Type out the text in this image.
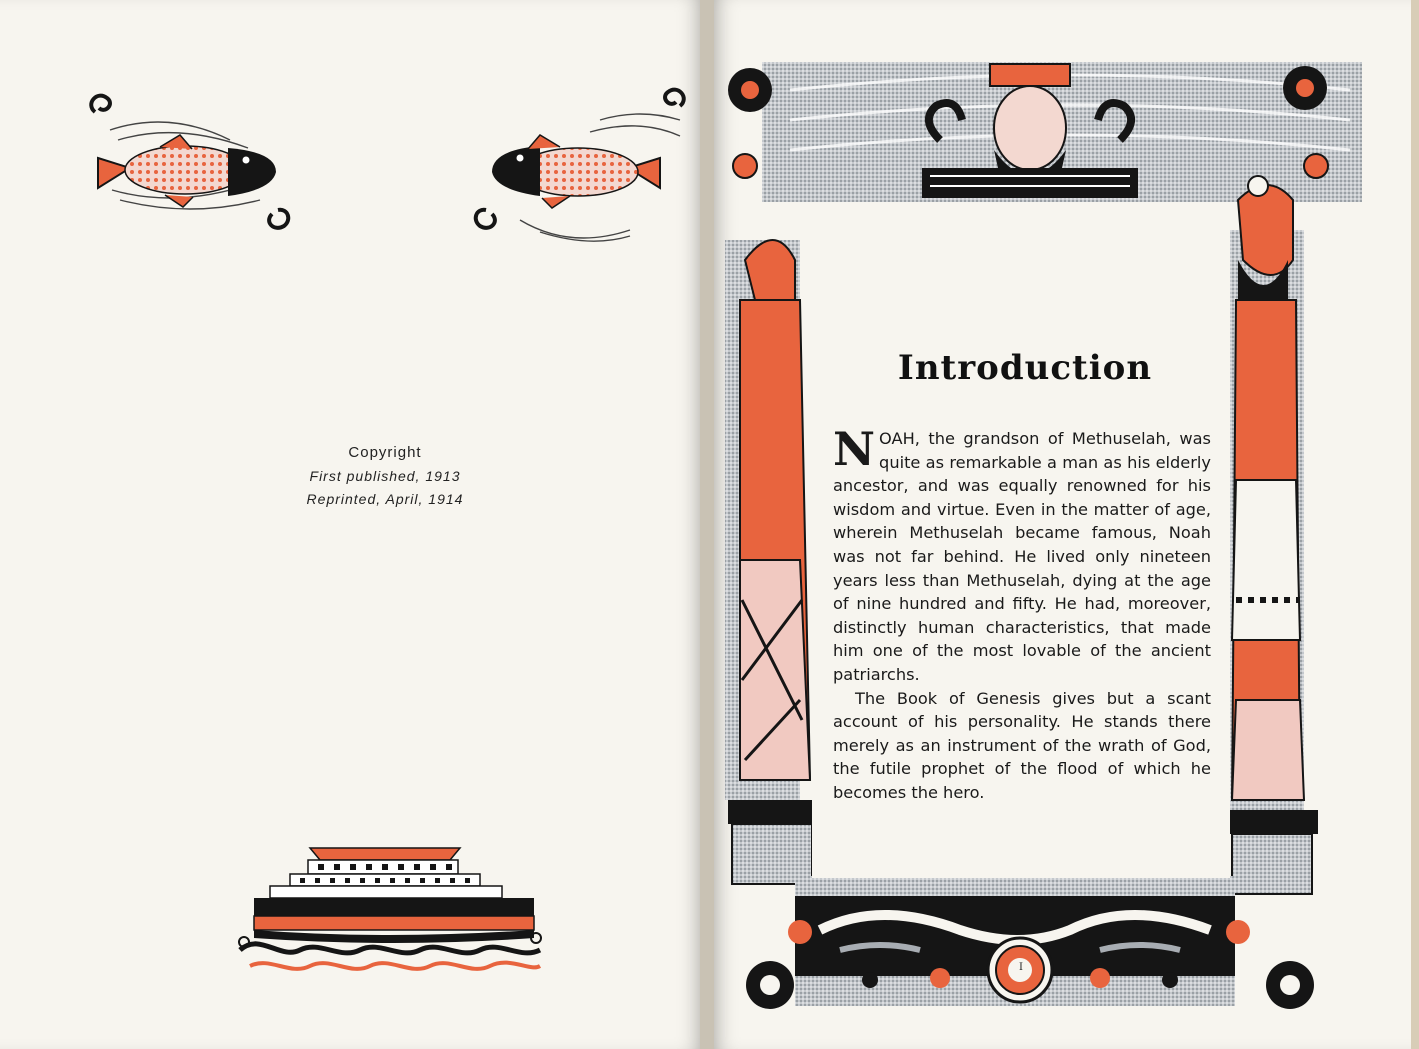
Copyright
First published, 1913
Reprinted, April, 1914
Introduction

NOAH, the grandson of Methuselah, was quite as remarkable a man as his elderly ancestor, and was equally renowned for his wisdom and virtue. Even in the matter of age, wherein Methuselah became famous, Noah was not far behind. He lived only nineteen years less than Methuselah, dying at the age of nine hundred and fifty. He had, moreover, distinctly human characteristics, that made him one of the most lovable of the ancient patriarchs.

The Book of Genesis gives but a scant account of his personality. He stands there merely as an instrument of the wrath of God, the futile prophet of the flood of which he becomes the hero.

I
